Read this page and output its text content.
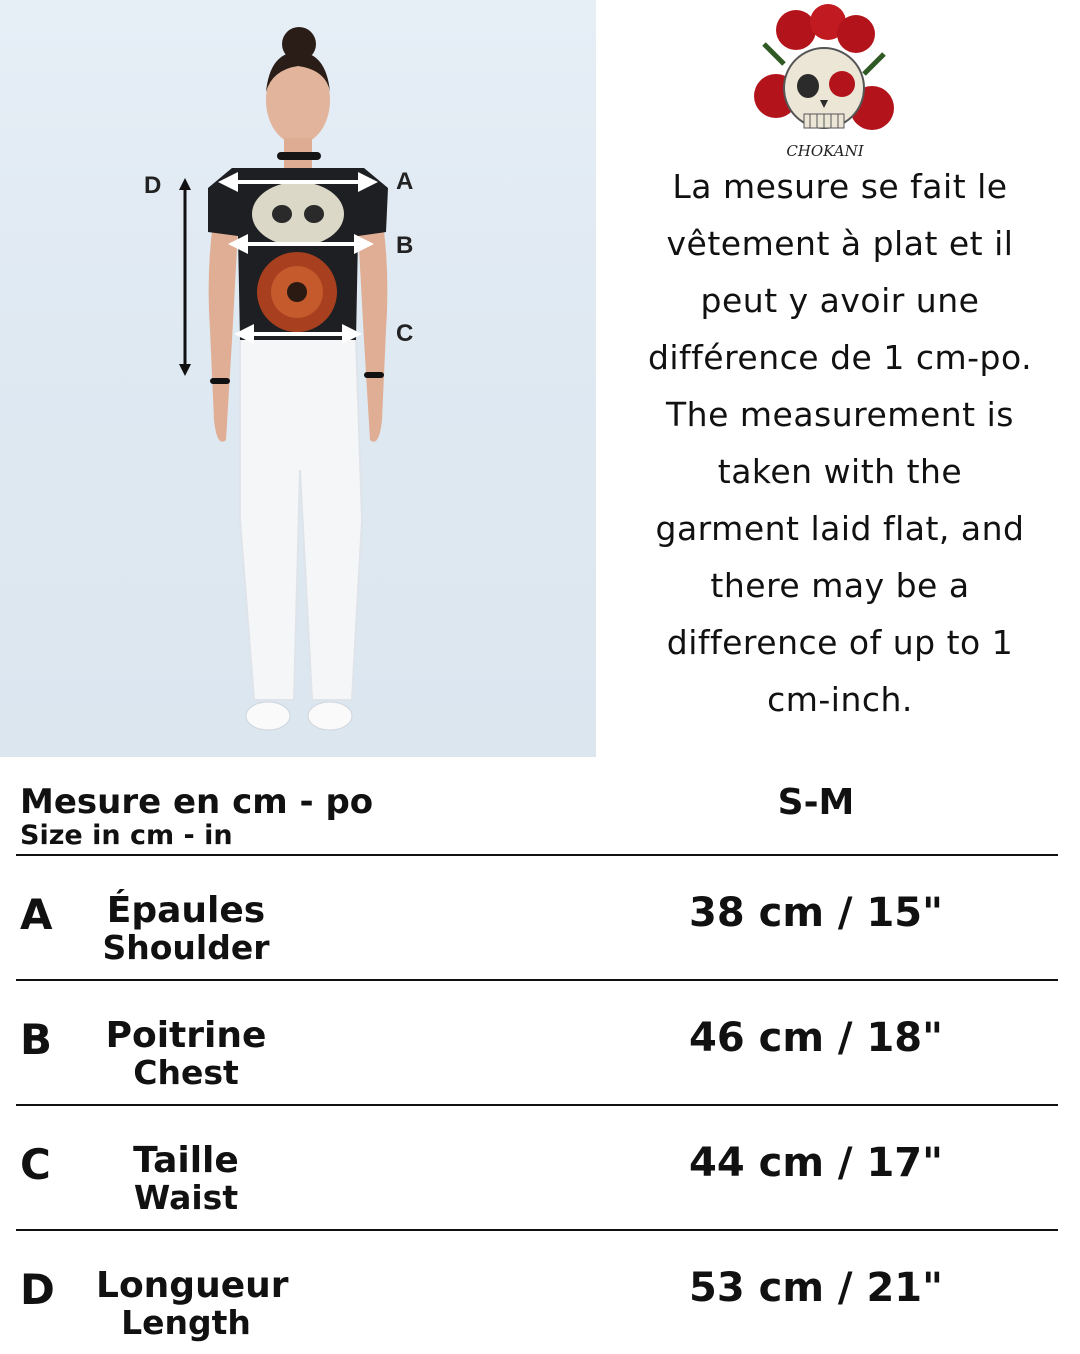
D	A
B
C
CHOKANI

La mesure se fait le

vêtement à plat et il

peut y avoir une

différence de 1 cm-po.

The measurement is

taken with the

garment laid flat, and

there may be a

difference of up to 1

cm-inch.

Mesure en cm - po
Size in cm - in
S-M
A Épaules
Shoulder
38 cm / 15"
B Poitrine
Chest
46 cm / 18"
C	Taille
Waist
44 cm / 17"
D Longueur
Length
53 cm / 21"
